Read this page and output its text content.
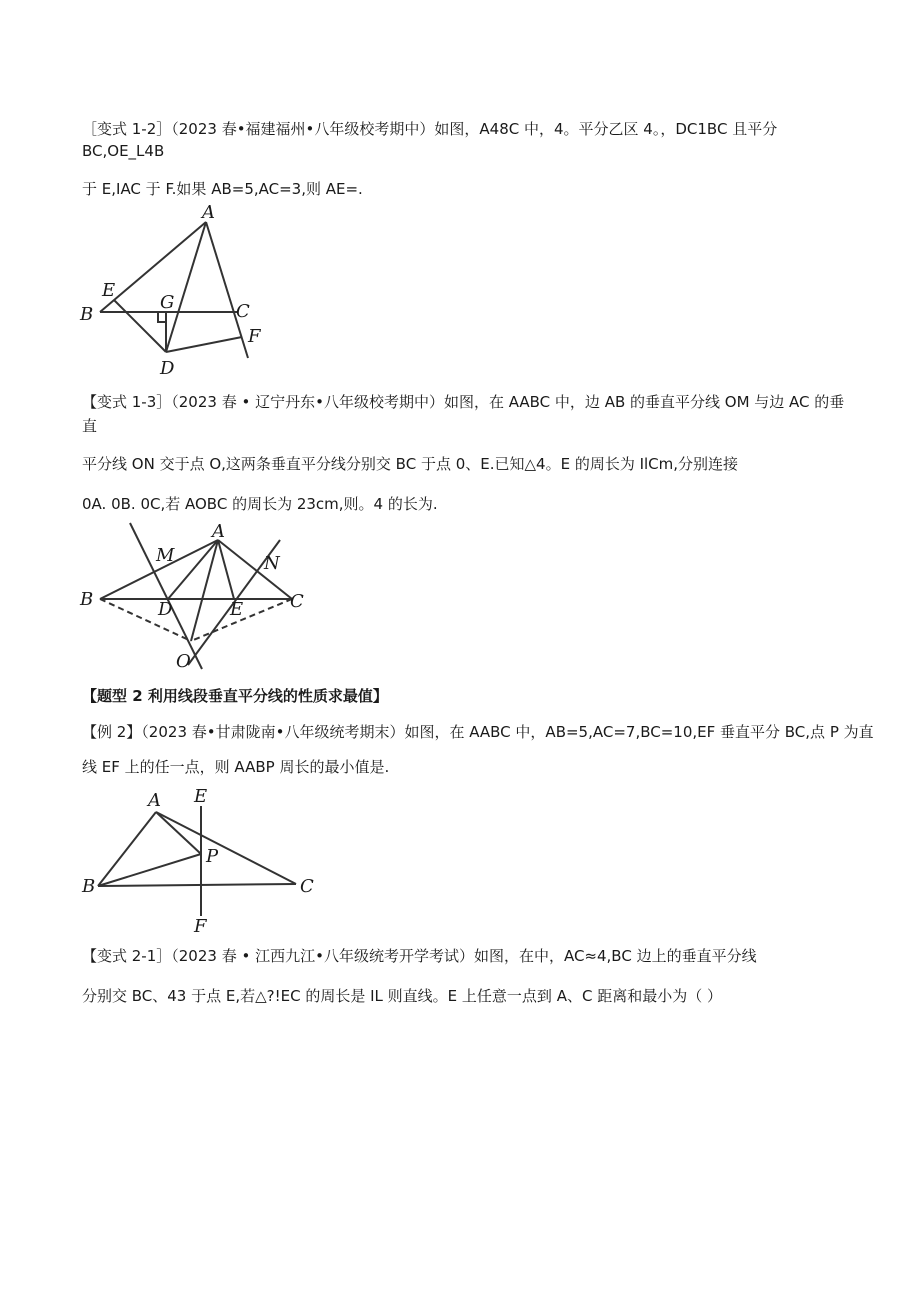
［变式 1-2］（2023 春•福建福州•八年级校考期中）如图，A48C 中，4。平分乙区 4。，DC1BC 且平分
BC,OE_L4B
于 E,IAC 于 F.如果 AB=5,AC=3,则 AE=.
A
B	C
D
E
F
G
【变式 1-3］（2023 春 • 辽宁丹东•八年级校考期中）如图，在 AABC 中，边 AB 的垂直平分线 OM 与边 AC 的垂
直
平分线 ON 交于点 O,这两条垂直平分线分别交 BC 于点 0、E.已知△4。E 的周长为 IlCm,分别连接
0A. 0B. 0C,若 AOBC 的周长为 23cm,则。4 的长为.
A
M	N
B	D	E	C
O
【题型 2 利用线段垂直平分线的性质求最值】
【例 2】（2023 春•甘肃陇南•八年级统考期末）如图，在 AABC 中，AB=5,AC=7,BC=10,EF 垂直平分 BC,点 P 为直
线 EF 上的任一点，则 AABP 周长的最小值是.
A E
P
B	C
F
【变式 2-1］（2023 春 • 江西九江•八年级统考开学考试）如图，在中，AC≈4,BC 边上的垂直平分线
分别交 BC、43 于点 E,若△?!EC 的周长是 IL 则直线。E 上任意一点到 A、C 距离和最小为（ ）
